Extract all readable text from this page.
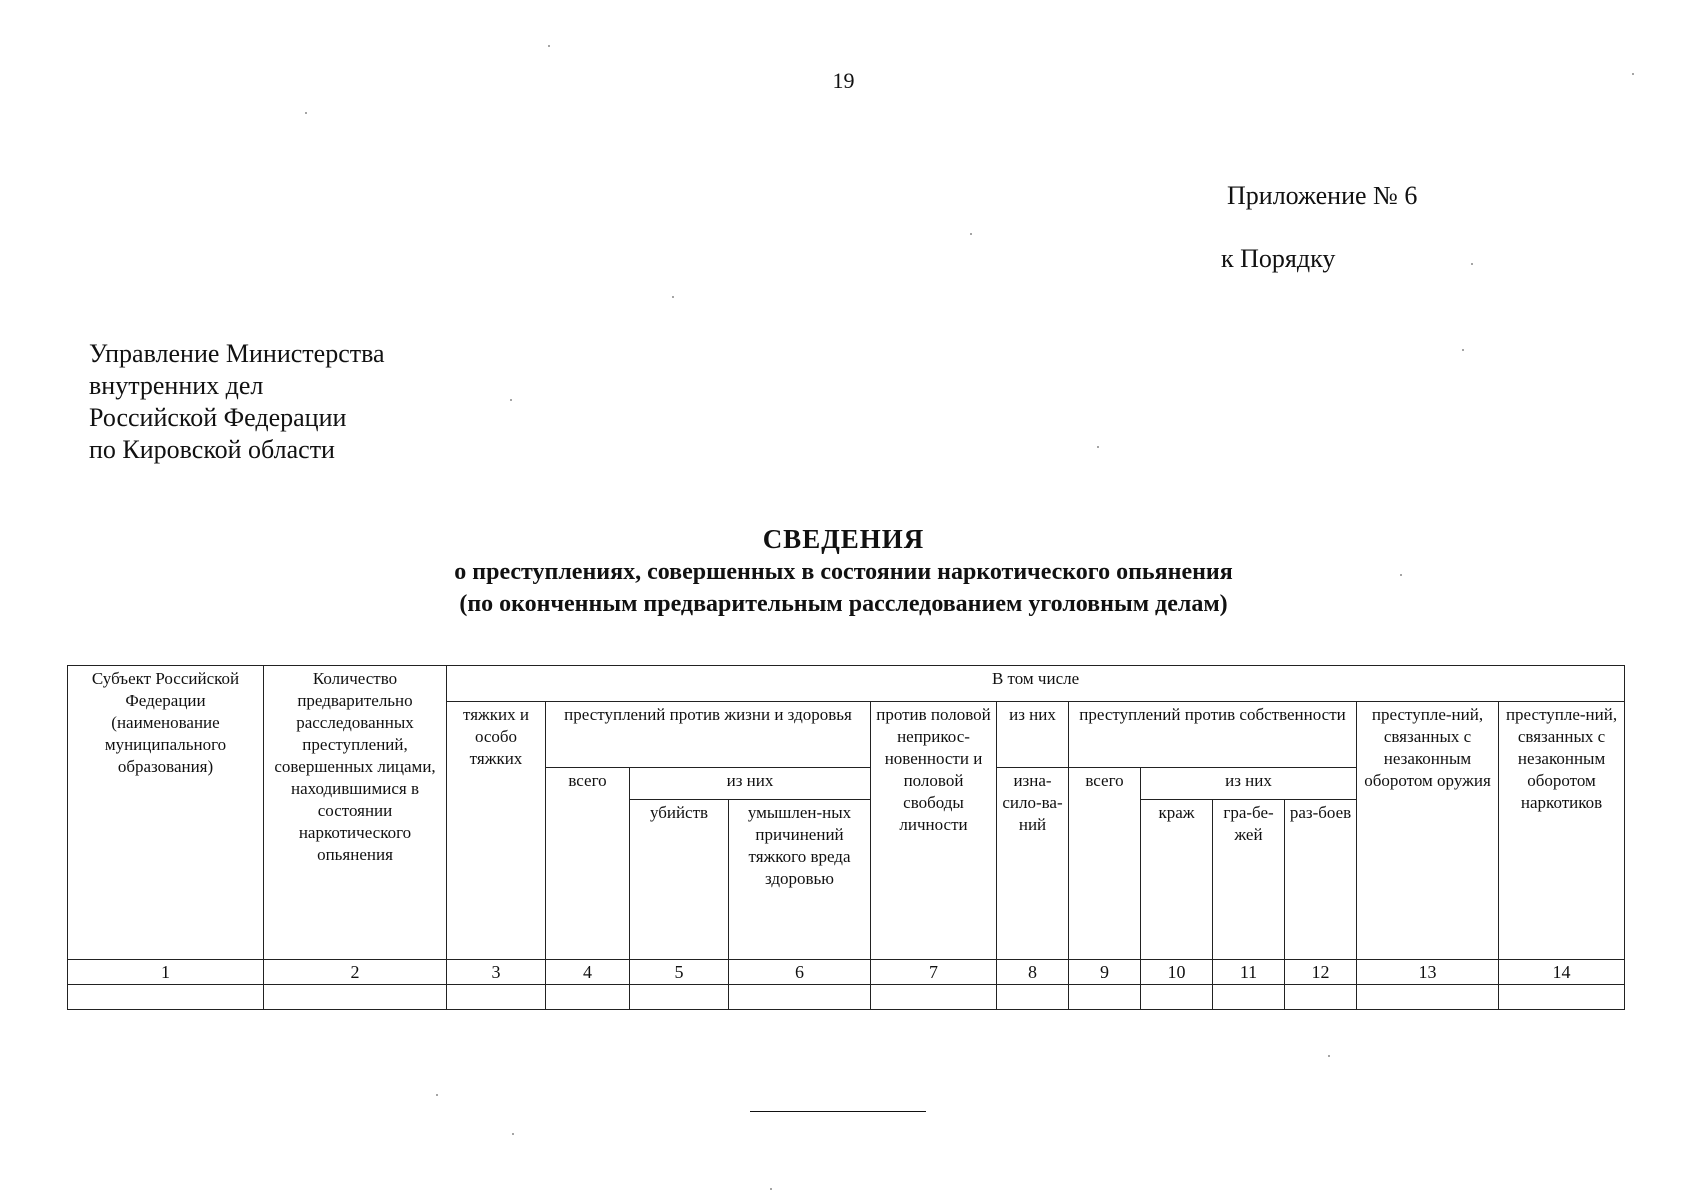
19
Приложение № 6
к Порядку
Управление Министерства
внутренних дел
Российской Федерации
по Кировской области
СВЕДЕНИЯ
о преступлениях, совершенных в состоянии наркотического опьянения
(по оконченным предварительным расследованием уголовным делам)
Субъект Российской Федерации (наименование муниципального образования)	Количество предварительно расследованных преступлений, совершенных лицами, находившимися в состоянии наркотического опьянения	В том числе											
		тяжких и особо тяжких	преступлений против жизни и здоровья			против половой неприкос-новенности и половой свободы личности	из них	преступлений против собственности				преступле-ний, связанных с незаконным оборотом оружия	преступле-ний, связанных с незаконным оборотом наркотиков
			всего	из них			изна-сило-ва-ний	всего	из них				
				убийств	умышлен-ных причинений тяжкого вреда здоровью				краж	гра-бе-жей	раз-боев		
1	2	3	4	5	6	7	8	9	10	11	12	13	14
